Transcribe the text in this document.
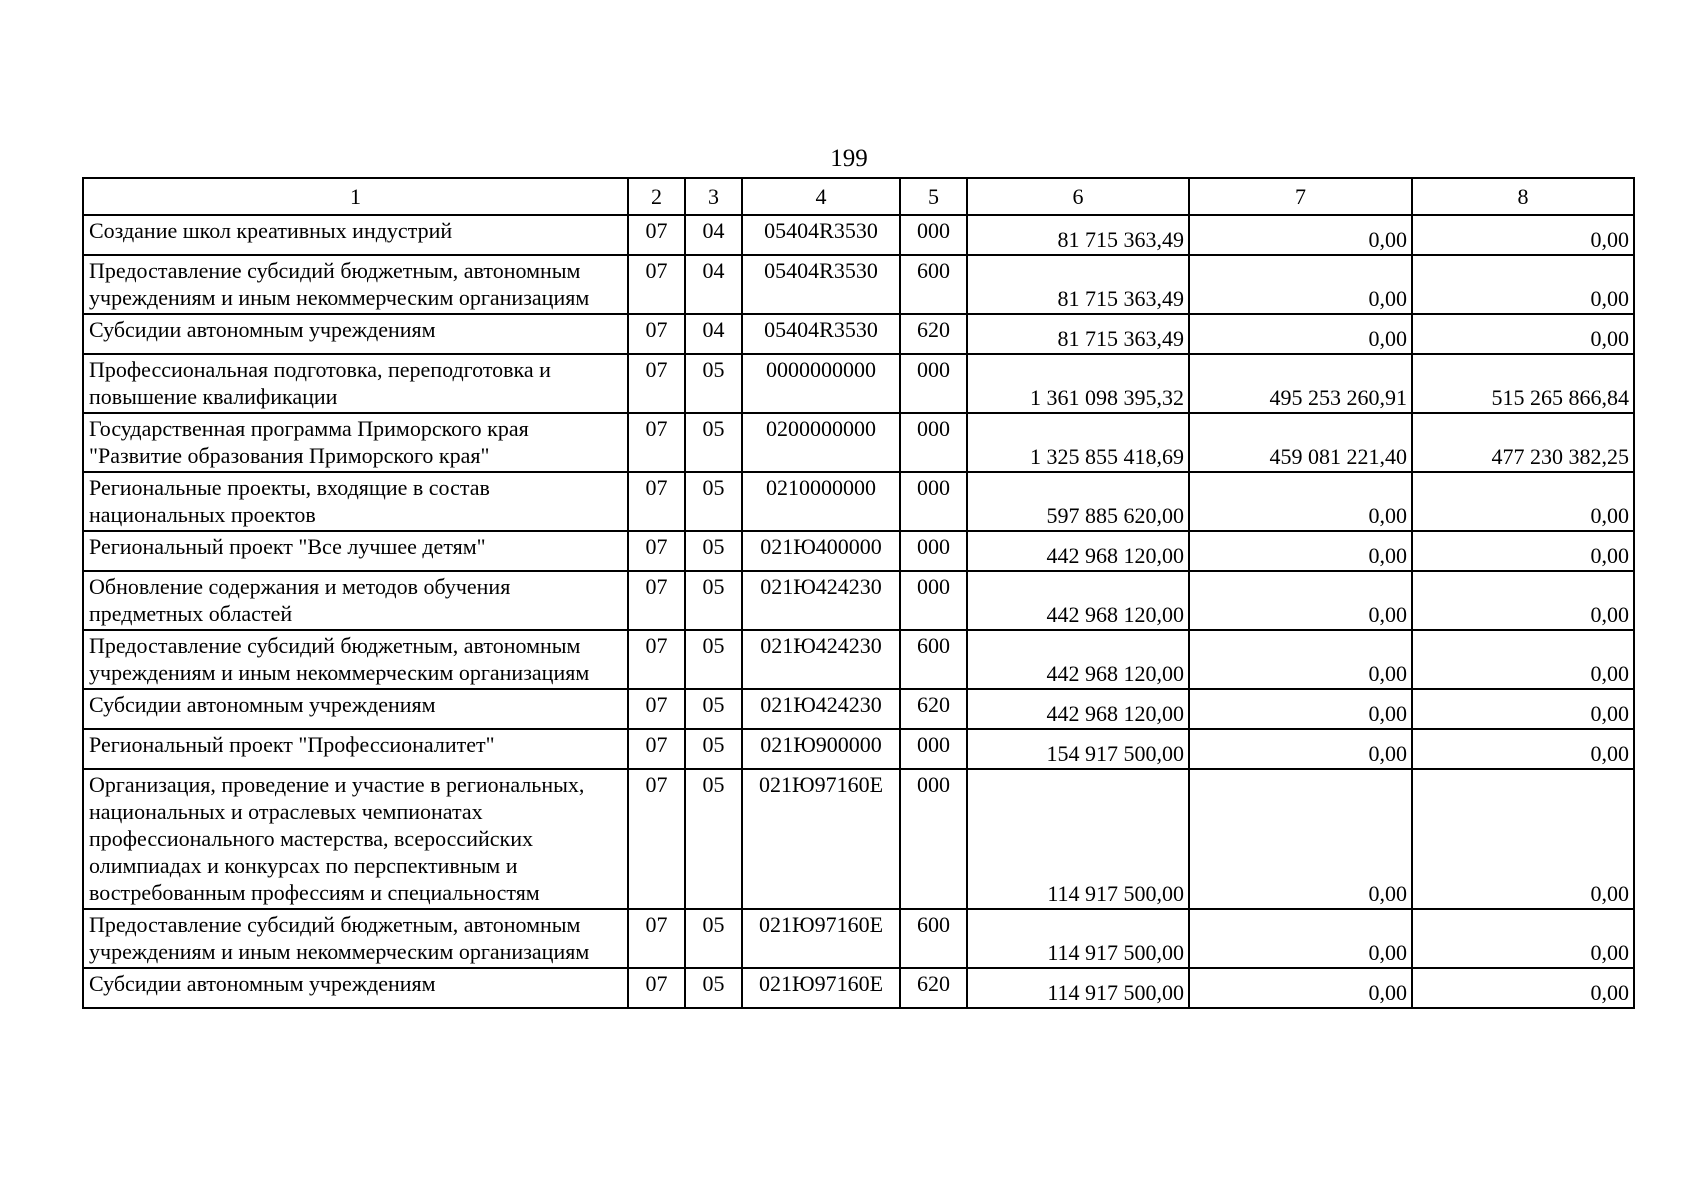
199
1	2	3	4	5	6	7	8
Создание школ креативных индустрий	07	04	05404R3530	000	81 715 363,49	0,00	0,00
Предоставление субсидий бюджетным, автономным учреждениям и иным некоммерческим организациям	07	04	05404R3530	600	81 715 363,49	0,00	0,00
Субсидии автономным учреждениям	07	04	05404R3530	620	81 715 363,49	0,00	0,00
Профессиональная подготовка, переподготовка и повышение квалификации	07	05	0000000000	000	1 361 098 395,32	495 253 260,91	515 265 866,84
Государственная программа Приморского края "Развитие образования Приморского края"	07	05	0200000000	000	1 325 855 418,69	459 081 221,40	477 230 382,25
Региональные проекты, входящие в состав национальных проектов	07	05	0210000000	000	597 885 620,00	0,00	0,00
Региональный проект "Все лучшее детям"	07	05	021Ю400000	000	442 968 120,00	0,00	0,00
Обновление содержания и методов обучения предметных областей	07	05	021Ю424230	000	442 968 120,00	0,00	0,00
Предоставление субсидий бюджетным, автономным учреждениям и иным некоммерческим организациям	07	05	021Ю424230	600	442 968 120,00	0,00	0,00
Субсидии автономным учреждениям	07	05	021Ю424230	620	442 968 120,00	0,00	0,00
Региональный проект "Профессионалитет"	07	05	021Ю900000	000	154 917 500,00	0,00	0,00
Организация, проведение и участие в региональных, национальных и отраслевых чемпионатах профессионального мастерства, всероссийских олимпиадах и конкурсах по перспективным и востребованным профессиям и специальностям	07	05	021Ю97160Е	000	114 917 500,00	0,00	0,00
Предоставление субсидий бюджетным, автономным учреждениям и иным некоммерческим организациям	07	05	021Ю97160Е	600	114 917 500,00	0,00	0,00
Субсидии автономным учреждениям	07	05	021Ю97160Е	620	114 917 500,00	0,00	0,00
